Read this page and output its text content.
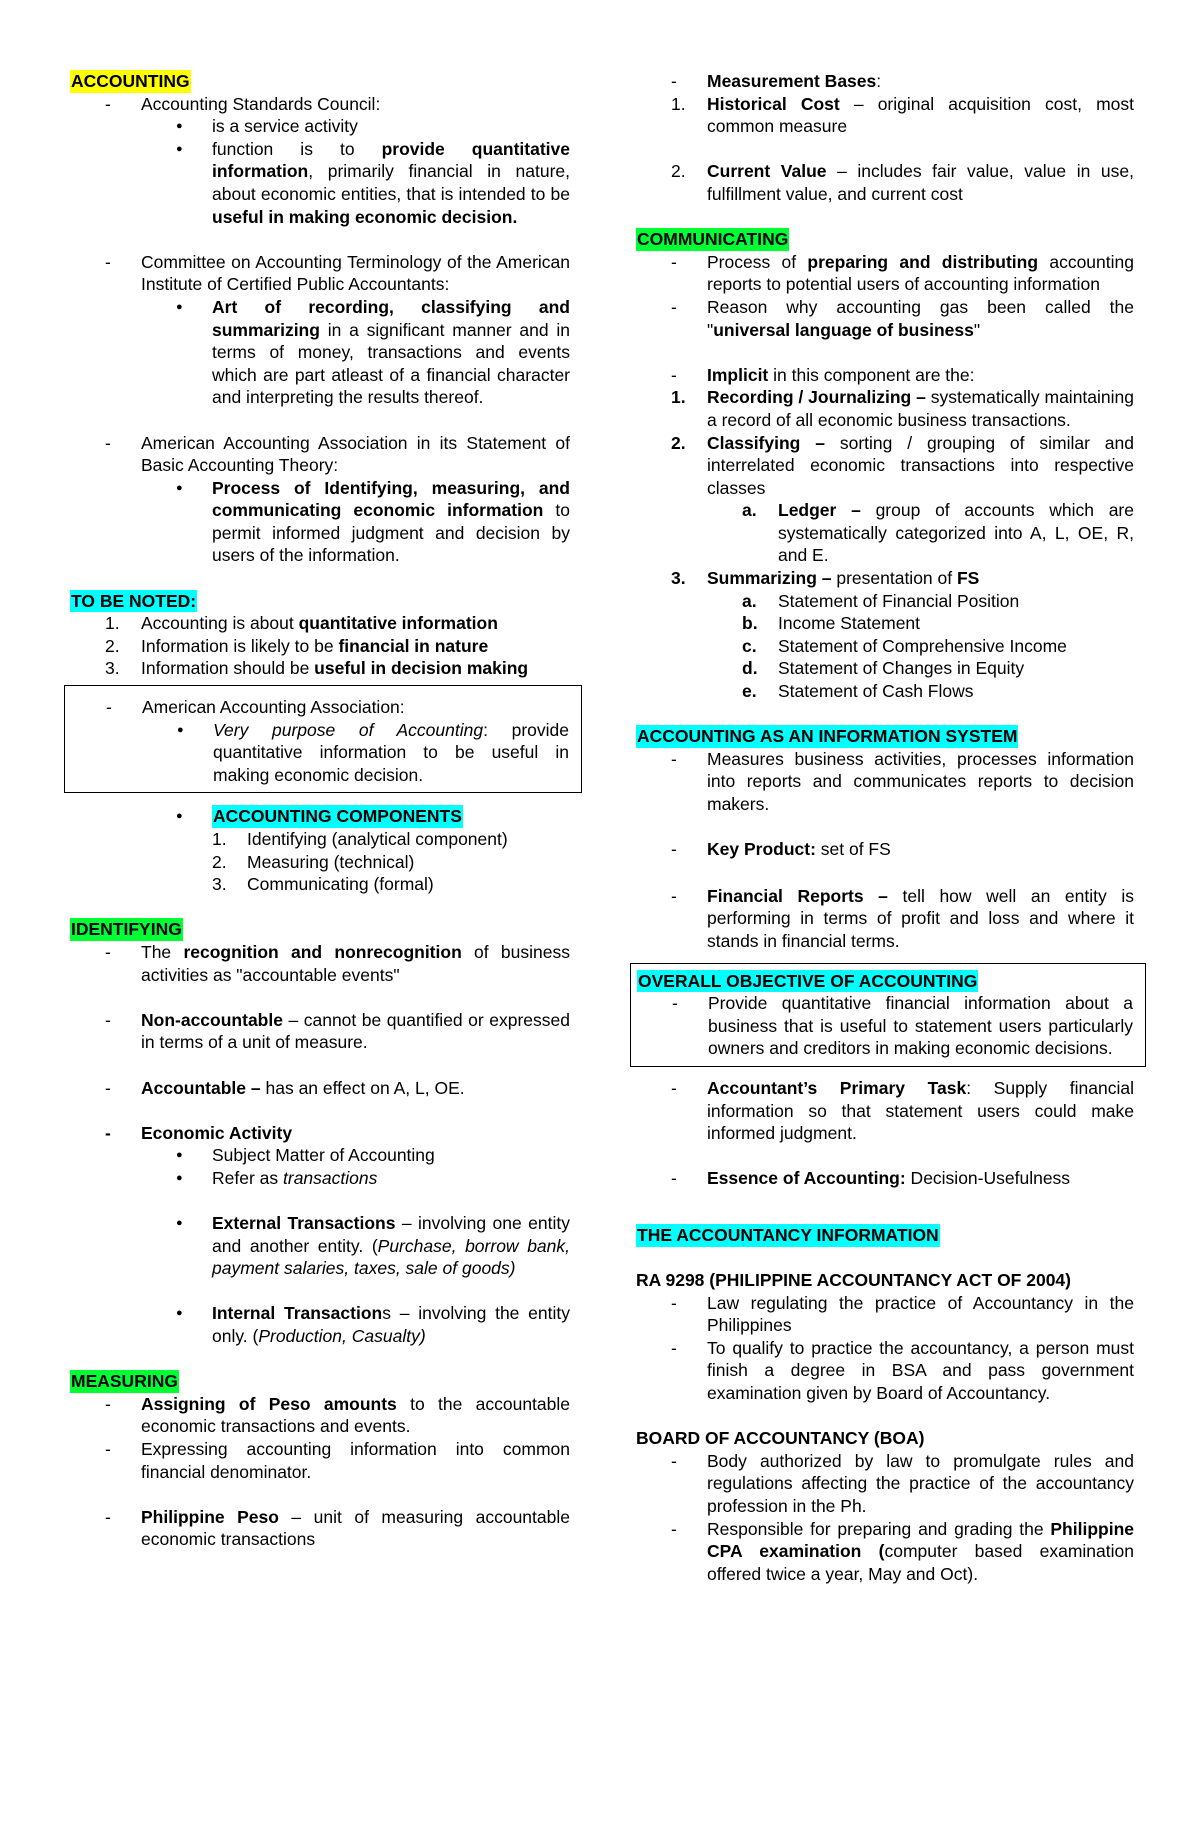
ACCOUNTING

- Accounting Standards Council:

● is a service activity

● function is to provide quantitative information, primarily financial in nature, about economic entities, that is intended to be useful in making economic decision.

- Committee on Accounting Terminology of the American Institute of Certified Public Accountants:

● Art of recording, classifying and summarizing in a significant manner and in terms of money, transactions and events which are part atleast of a financial character and interpreting the results thereof.

- American Accounting Association in its Statement of Basic Accounting Theory:

● Process of Identifying, measuring, and communicating economic information to permit informed judgment and decision by users of the information.

TO BE NOTED:

1. Accounting is about quantitative information

2. Information is likely to be financial in nature

3. Information should be useful in decision making

- American Accounting Association:

● Very purpose of Accounting: provide quantitative information to be useful in making economic decision.

● ACCOUNTING COMPONENTS

1. Identifying (analytical component)

2. Measuring (technical)

3. Communicating (formal)

IDENTIFYING

- The recognition and nonrecognition of business activities as "accountable events"

- Non-accountable – cannot be quantified or expressed in terms of a unit of measure.

- Accountable – has an effect on A, L, OE.

- Economic Activity

● Subject Matter of Accounting

● Refer as transactions

● External Transactions – involving one entity and another entity. (Purchase, borrow bank, payment salaries, taxes, sale of goods)

● Internal Transactions – involving the entity only. (Production, Casualty)

MEASURING

- Assigning of Peso amounts to the accountable economic transactions and events.

- Expressing accounting information into common financial denominator.

- Philippine Peso – unit of measuring accountable economic transactions

- Measurement Bases:

1. Historical Cost – original acquisition cost, most common measure

2. Current Value – includes fair value, value in use, fulfillment value, and current cost

COMMUNICATING

- Process of preparing and distributing accounting reports to potential users of accounting information

- Reason why accounting gas been called the "universal language of business"

- Implicit in this component are the:

1. Recording / Journalizing – systematically maintaining a record of all economic business transactions.

2. Classifying – sorting / grouping of similar and interrelated economic transactions into respective classes

a. Ledger – group of accounts which are systematically categorized into A, L, OE, R, and E.

3. Summarizing – presentation of FS

a. Statement of Financial Position

b. Income Statement

c. Statement of Comprehensive Income

d. Statement of Changes in Equity

e. Statement of Cash Flows

ACCOUNTING AS AN INFORMATION SYSTEM

- Measures business activities, processes information into reports and communicates reports to decision makers.

- Key Product: set of FS

- Financial Reports – tell how well an entity is performing in terms of profit and loss and where it stands in financial terms.

OVERALL OBJECTIVE OF ACCOUNTING

- Provide quantitative financial information about a business that is useful to statement users particularly owners and creditors in making economic decisions.

- Accountant’s Primary Task: Supply financial information so that statement users could make informed judgment.

- Essence of Accounting: Decision-Usefulness

THE ACCOUNTANCY INFORMATION

RA 9298 (PHILIPPINE ACCOUNTANCY ACT OF 2004)

- Law regulating the practice of Accountancy in the Philippines

- To qualify to practice the accountancy, a person must finish a degree in BSA and pass government examination given by Board of Accountancy.

BOARD OF ACCOUNTANCY (BOA)

- Body authorized by law to promulgate rules and regulations affecting the practice of the accountancy profession in the Ph.

- Responsible for preparing and grading the Philippine CPA examination (computer based examination offered twice a year, May and Oct).
